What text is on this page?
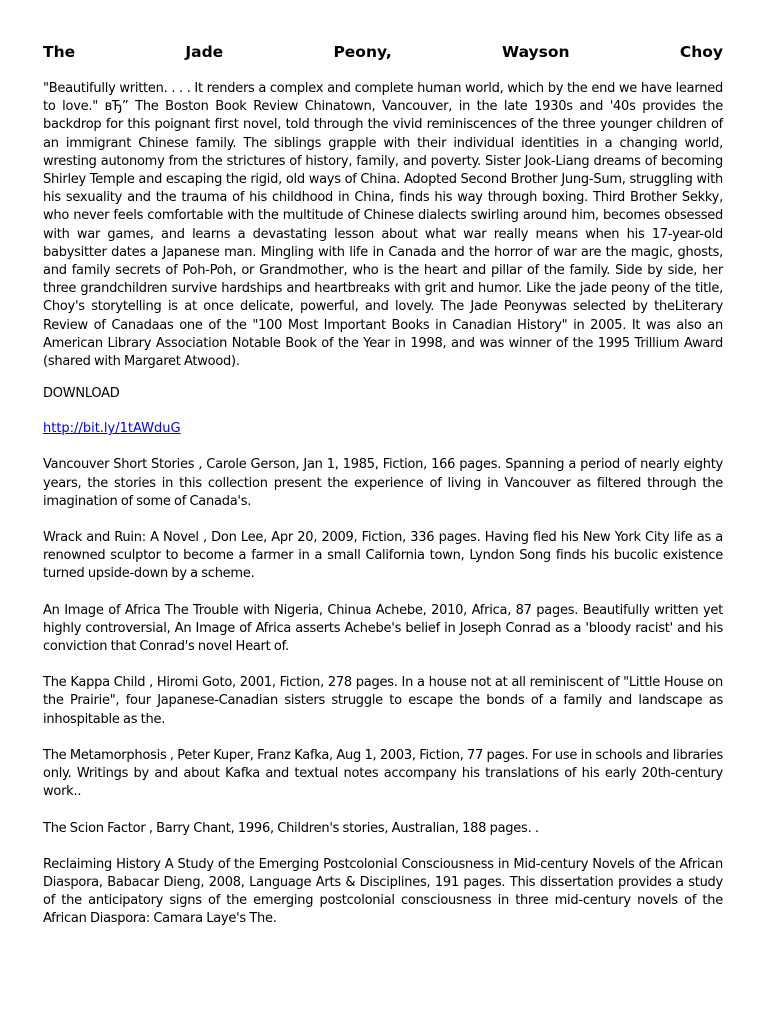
The	Jade	Peony,	Wayson	Choy

"Beautifully written. . . . It renders a complex and complete human world, which by the end we have learned to love." вЂ” The Boston Book Review Chinatown, Vancouver, in the late 1930s and '40s provides the backdrop for this poignant first novel, told through the vivid reminiscences of the three younger children of an immigrant Chinese family. The siblings grapple with their individual identities in a changing world, wresting autonomy from the strictures of history, family, and poverty. Sister Jook-Liang dreams of becoming Shirley Temple and escaping the rigid, old ways of China. Adopted Second Brother Jung-Sum, struggling with his sexuality and the trauma of his childhood in China, finds his way through boxing. Third Brother Sekky, who never feels comfortable with the multitude of Chinese dialects swirling around him, becomes obsessed with war games, and learns a devastating lesson about what war really means when his 17-year-old babysitter dates a Japanese man. Mingling with life in Canada and the horror of war are the magic, ghosts, and family secrets of Poh-Poh, or Grandmother, who is the heart and pillar of the family. Side by side, her three grandchildren survive hardships and heartbreaks with grit and humor. Like the jade peony of the title, Choy's storytelling is at once delicate, powerful, and lovely. The Jade Peonywas selected by theLiterary Review of Canadaas one of the "100 Most Important Books in Canadian History" in 2005. It was also an American Library Association Notable Book of the Year in 1998, and was winner of the 1995 Trillium Award (shared with Margaret Atwood).

DOWNLOAD

http://bit.ly/1tAWduG

Vancouver Short Stories , Carole Gerson, Jan 1, 1985, Fiction, 166 pages. Spanning a period of nearly eighty years, the stories in this collection present the experience of living in Vancouver as filtered through the imagination of some of Canada's.

Wrack and Ruin: A Novel , Don Lee, Apr 20, 2009, Fiction, 336 pages. Having fled his New York City life as a renowned sculptor to become a farmer in a small California town, Lyndon Song finds his bucolic existence turned upside-down by a scheme.

An Image of Africa The Trouble with Nigeria, Chinua Achebe, 2010, Africa, 87 pages. Beautifully written yet highly controversial, An Image of Africa asserts Achebe's belief in Joseph Conrad as a 'bloody racist' and his conviction that Conrad's novel Heart of.

The Kappa Child , Hiromi Goto, 2001, Fiction, 278 pages. In a house not at all reminiscent of "Little House on the Prairie", four Japanese-Canadian sisters struggle to escape the bonds of a family and landscape as inhospitable as the.

The Metamorphosis , Peter Kuper, Franz Kafka, Aug 1, 2003, Fiction, 77 pages. For use in schools and libraries only. Writings by and about Kafka and textual notes accompany his translations of his early 20th-century work..

The Scion Factor , Barry Chant, 1996, Children's stories, Australian, 188 pages. .

Reclaiming History A Study of the Emerging Postcolonial Consciousness in Mid-century Novels of the African Diaspora, Babacar Dieng, 2008, Language Arts & Disciplines, 191 pages. This dissertation provides a study of the anticipatory signs of the emerging postcolonial consciousness in three mid-century novels of the African Diaspora: Camara Laye's The.
